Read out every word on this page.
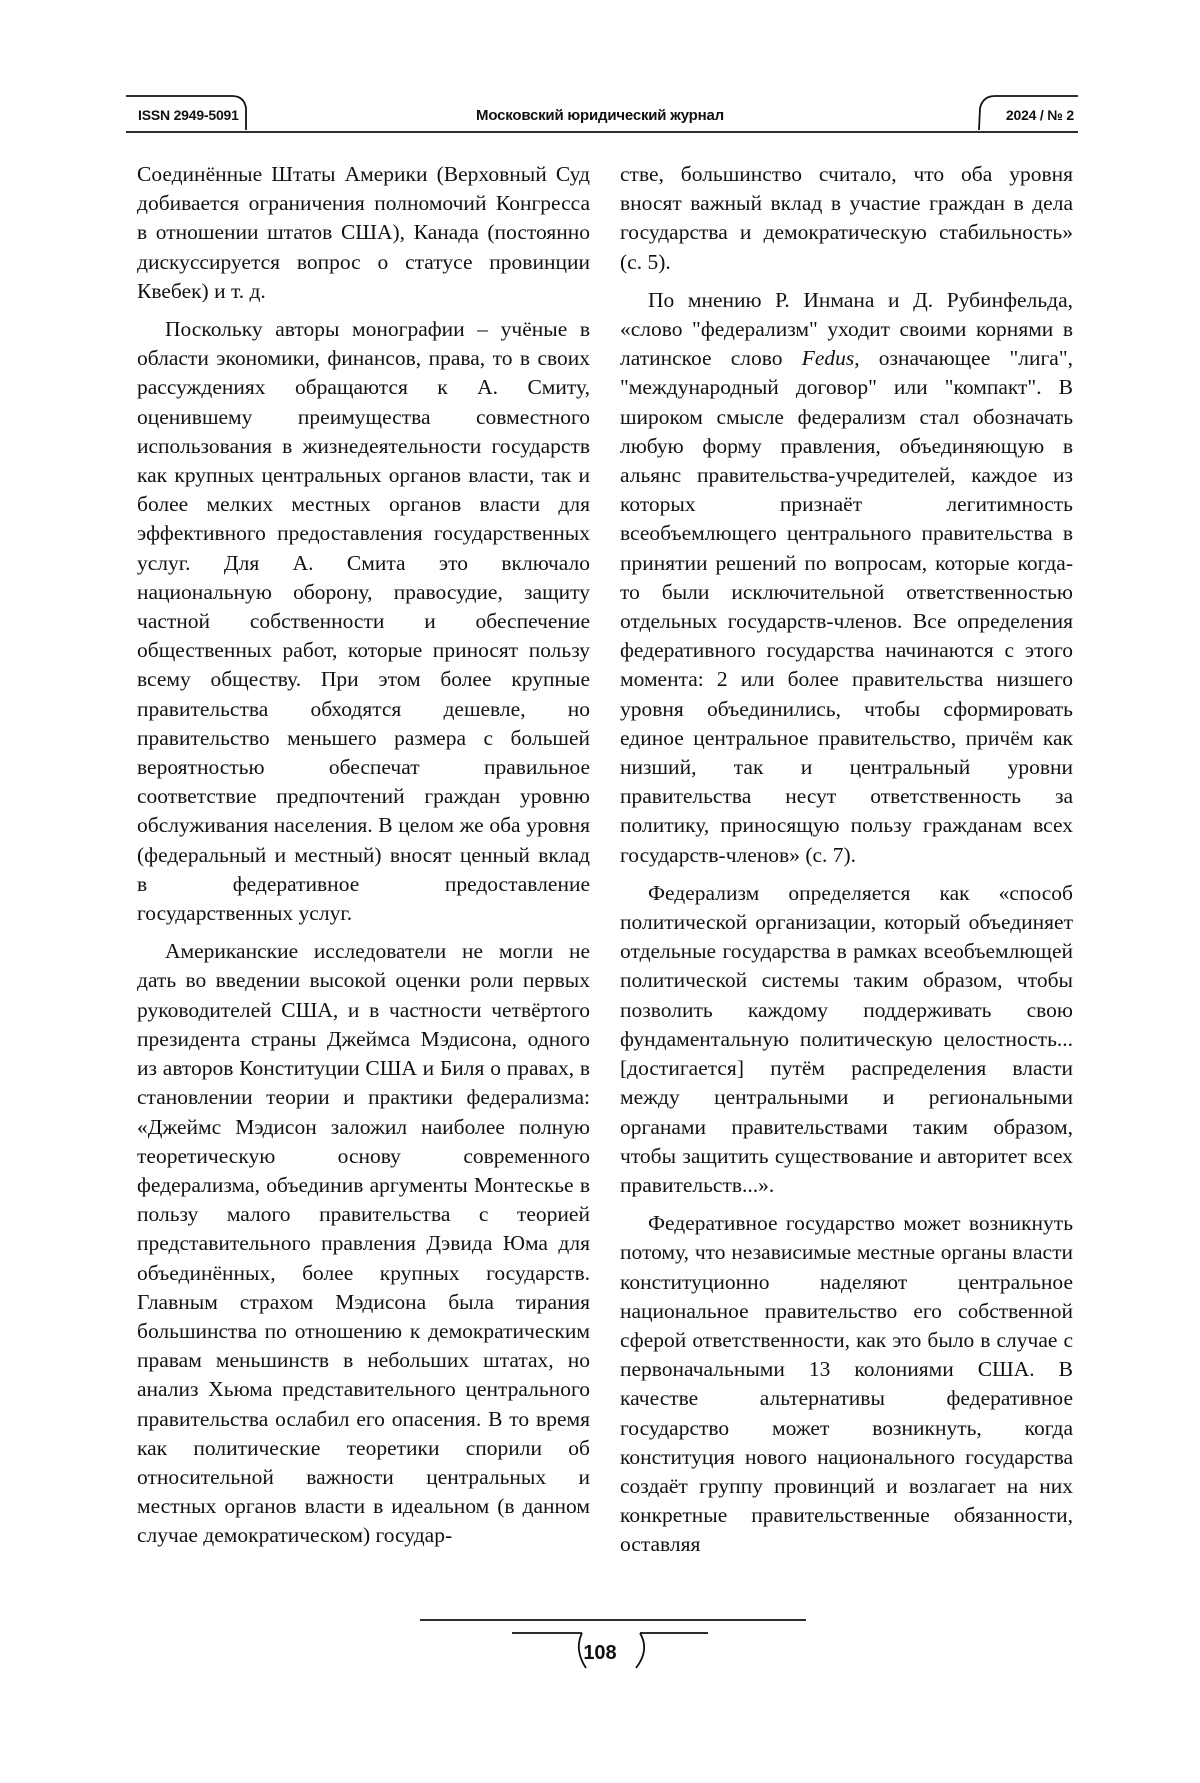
ISSN 2949-5091	Московский юридический журнал	2024 / № 2

Соединённые Штаты Америки (Верховный Суд добивается ограничения полномочий Конгресса в отношении штатов США), Канада (постоянно дискуссируется вопрос о статусе провинции Квебек) и т. д.

Поскольку авторы монографии – учёные в области экономики, финансов, права, то в своих рассуждениях обращаются к А. Смиту, оценившему преимущества совместного использования в жизнедеятельности государств как крупных центральных органов власти, так и более мелких местных органов власти для эффективного предоставления государственных услуг. Для А. Смита это включало национальную оборону, правосудие, защиту частной собственности и обеспечение общественных работ, которые приносят пользу всему обществу. При этом более крупные правительства обходятся дешевле, но правительство меньшего размера с большей вероятностью обеспечат правильное соответствие предпочтений граждан уровню обслуживания населения. В целом же оба уровня (федеральный и местный) вносят ценный вклад в федеративное предоставление государственных услуг.

Американские исследователи не могли не дать во введении высокой оценки роли первых руководителей США, и в частности четвёртого президента страны Джеймса Мэдисона, одного из авторов Конституции США и Биля о правах, в становлении теории и практики федерализма: «Джеймс Мэдисон заложил наиболее полную теоретическую основу современного федерализма, объединив аргументы Монтескье в пользу малого правительства с теорией представительного правления Дэвида Юма для объединённых, более крупных государств. Главным страхом Мэдисона была тирания большинства по отношению к демократическим правам меньшинств в небольших штатах, но анализ Хьюма представительного центрального правительства ослабил его опасения. В то время как политические теоретики спорили об относительной важности центральных и местных органов власти в идеальном (в данном случае демократическом) государ-

стве, большинство считало, что оба уровня вносят важный вклад в участие граждан в дела государства и демократическую стабильность» (с. 5).

По мнению Р. Инмана и Д. Рубинфельда, «слово "федерализм" уходит своими корнями в латинское слово Fedus, означающее "лига", "международный договор" или "компакт". В широком смысле федерализм стал обозначать любую форму правления, объединяющую в альянс правительства-учредителей, каждое из которых признаёт легитимность всеобъемлющего центрального правительства в принятии решений по вопросам, которые когда-то были исключительной ответственностью отдельных государств-членов. Все определения федеративного государства начинаются с этого момента: 2 или более правительства низшего уровня объединились, чтобы сформировать единое центральное правительство, причём как низший, так и центральный уровни правительства несут ответственность за политику, приносящую пользу гражданам всех государств-членов» (с. 7).

Федерализм определяется как «способ политической организации, который объединяет отдельные государства в рамках всеобъемлющей политической системы таким образом, чтобы позволить каждому поддерживать свою фундаментальную политическую целостность... [достигается] путём распределения власти между центральными и региональными органами правительствами таким образом, чтобы защитить существование и авторитет всех правительств...».

Федеративное государство может возникнуть потому, что независимые местные органы власти конституционно наделяют центральное национальное правительство его собственной сферой ответственности, как это было в случае с первоначальными 13 колониями США. В качестве альтернативы федеративное государство может возникнуть, когда конституция нового национального государства создаёт группу провинций и возлагает на них конкретные правительственные обязанности, оставляя

108
